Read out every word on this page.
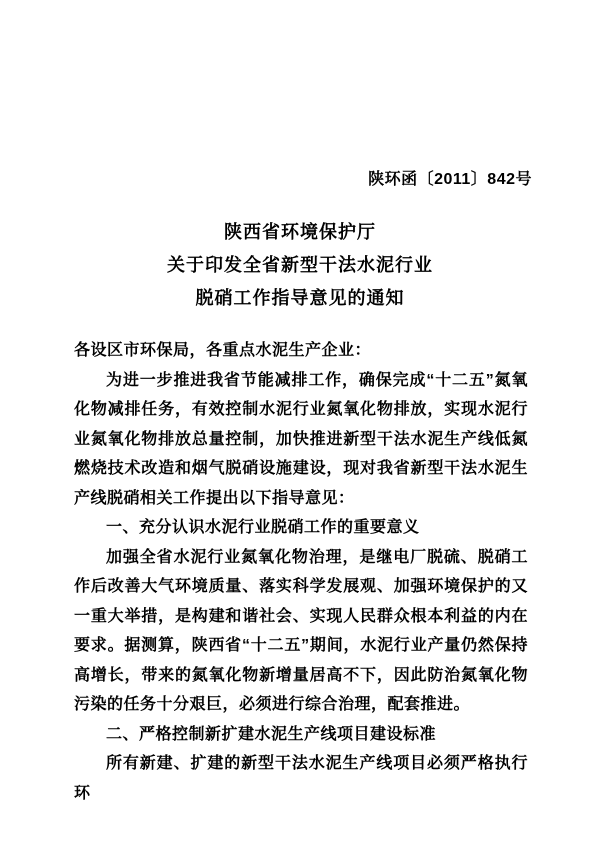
陕环函〔2011〕842号
陕西省环境保护厅
关于印发全省新型干法水泥行业
脱硝工作指导意见的通知

各设区市环保局，各重点水泥生产企业：

为进一步推进我省节能减排工作，确保完成“十二五”氮氧化物减排任务，有效控制水泥行业氮氧化物排放，实现水泥行业氮氧化物排放总量控制，加快推进新型干法水泥生产线低氮燃烧技术改造和烟气脱硝设施建设，现对我省新型干法水泥生产线脱硝相关工作提出以下指导意见：

一、充分认识水泥行业脱硝工作的重要意义

加强全省水泥行业氮氧化物治理，是继电厂脱硫、脱硝工作后改善大气环境质量、落实科学发展观、加强环境保护的又一重大举措，是构建和谐社会、实现人民群众根本利益的内在要求。据测算，陕西省“十二五”期间，水泥行业产量仍然保持高增长，带来的氮氧化物新增量居高不下，因此防治氮氧化物污染的任务十分艰巨，必须进行综合治理，配套推进。

二、严格控制新扩建水泥生产线项目建设标准

所有新建、扩建的新型干法水泥生产线项目必须严格执行环
